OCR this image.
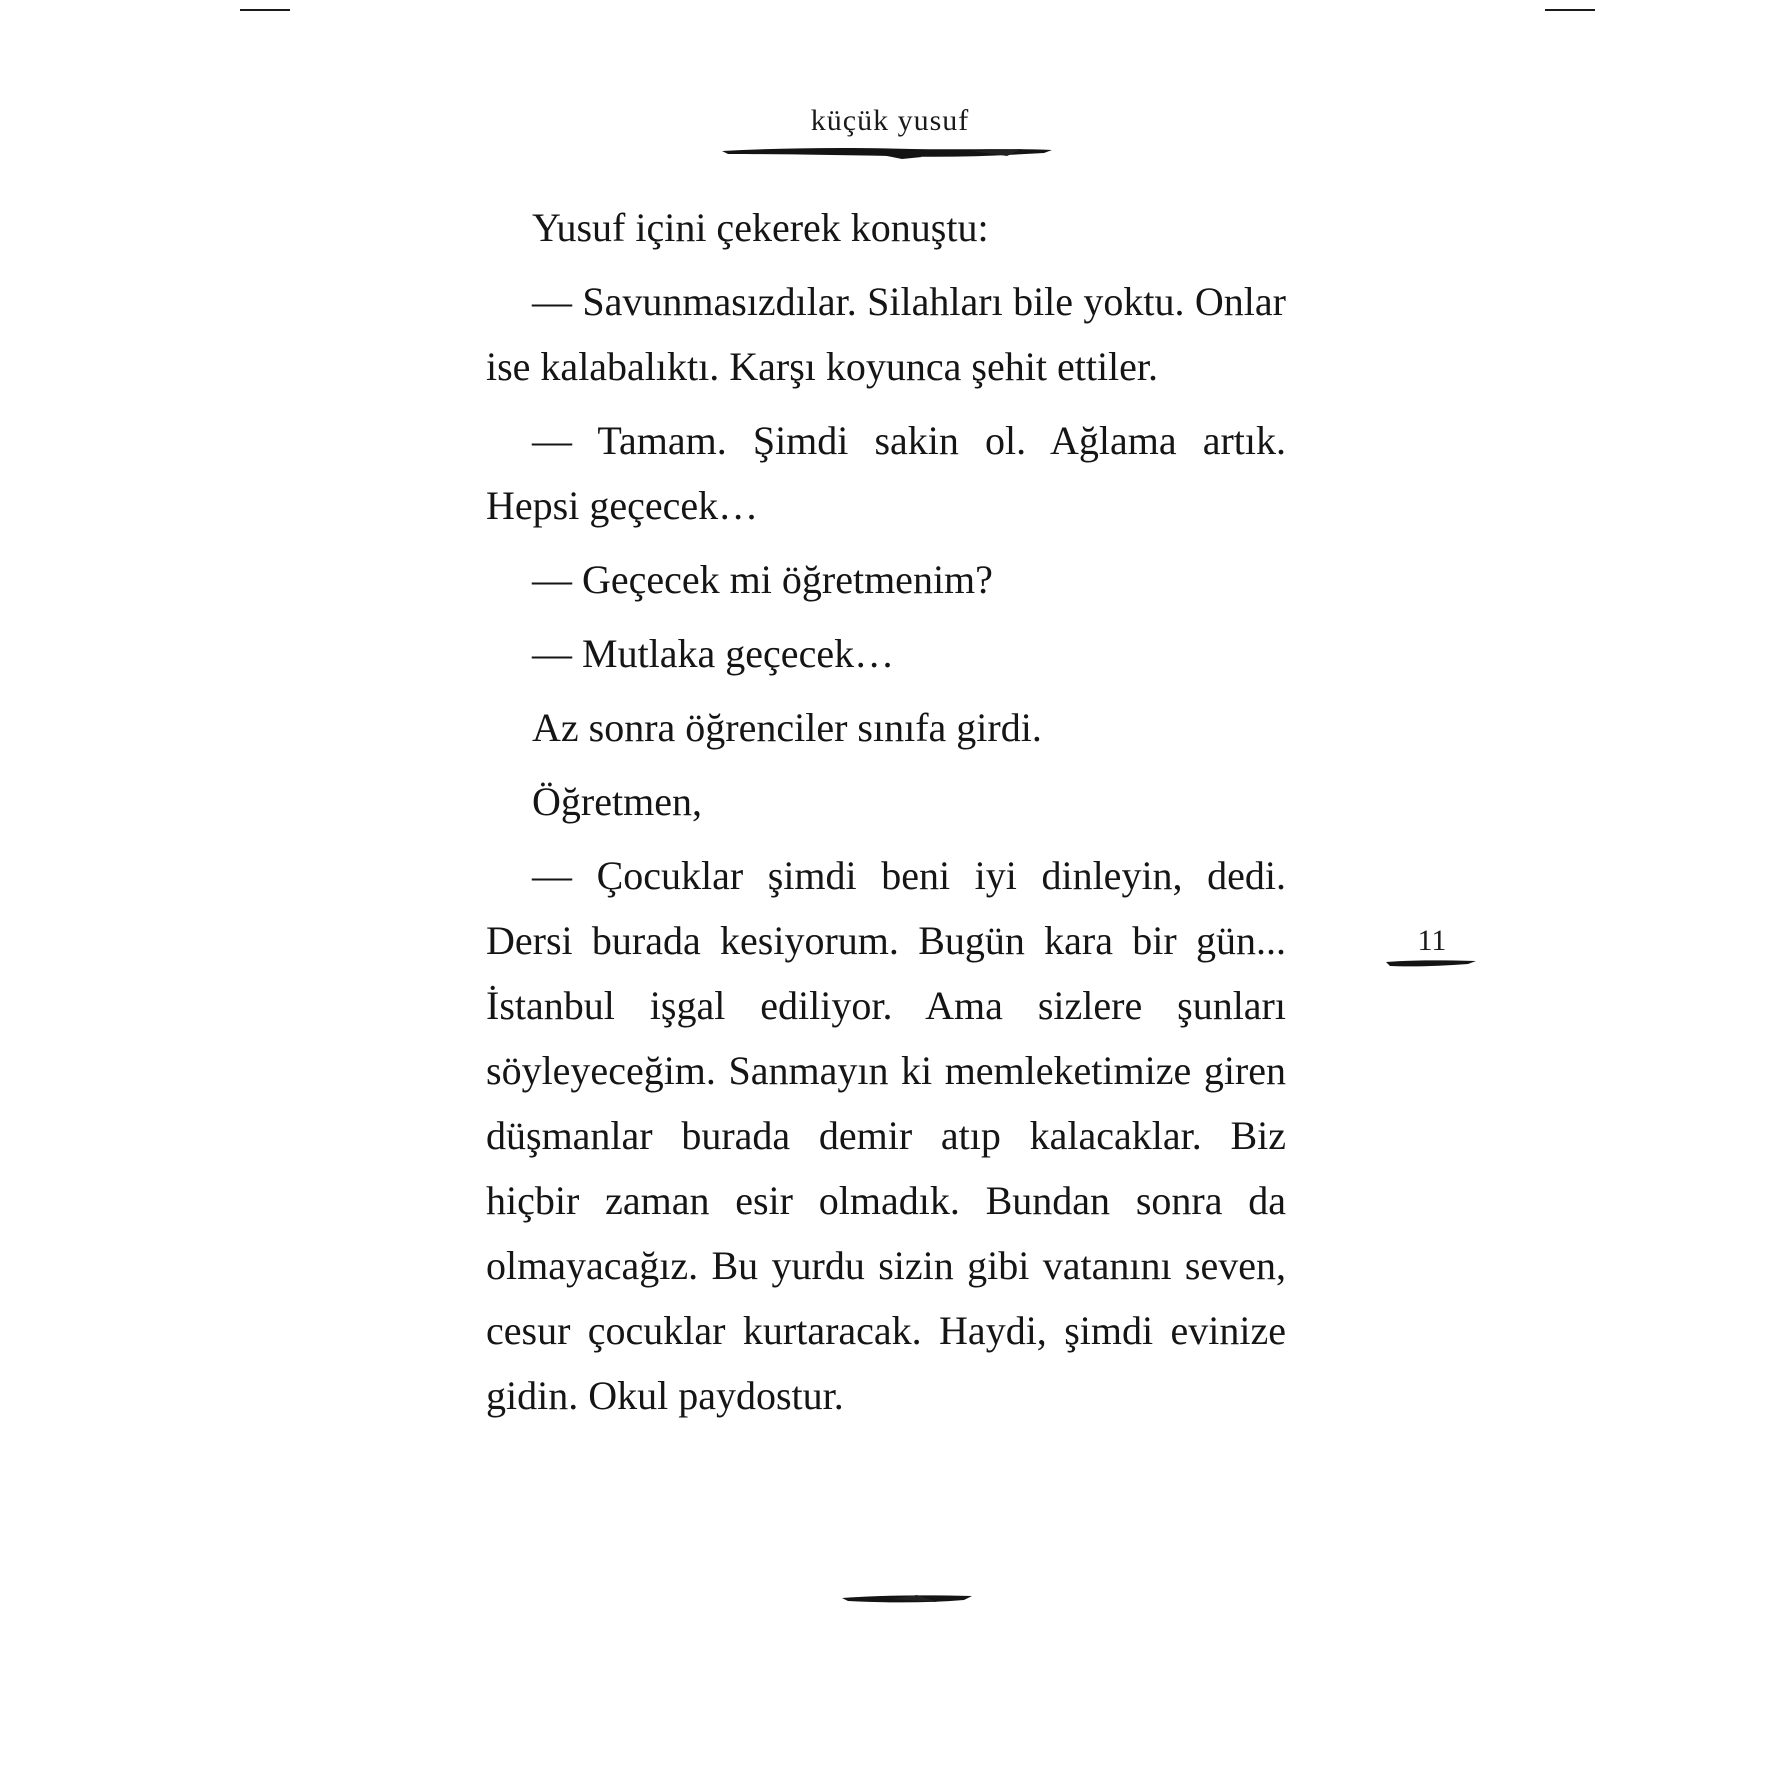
küçük yusuf

Yusuf içini çekerek konuştu:

— Savunmasızdılar. Silahları bile yoktu. Onlar ise kalabalıktı. Karşı koyunca şehit ettiler.

— Tamam. Şimdi sakin ol. Ağlama artık. Hepsi geçecek…

— Geçecek mi öğretmenim?

— Mutlaka geçecek…

Az sonra öğrenciler sınıfa girdi.

Öğretmen,

— Çocuklar şimdi beni iyi dinleyin, dedi. Dersi burada kesiyorum. Bugün kara bir gün... İstanbul işgal ediliyor. Ama sizlere şunları söyleyeceğim. Sanmayın ki memleketimize giren düşmanlar burada demir atıp kalacaklar. Biz hiçbir zaman esir olmadık. Bundan sonra da olmayacağız. Bu yurdu sizin gibi vatanını seven, cesur çocuklar kurtaracak. Haydi, şimdi evinize gidin. Okul paydostur.

11
